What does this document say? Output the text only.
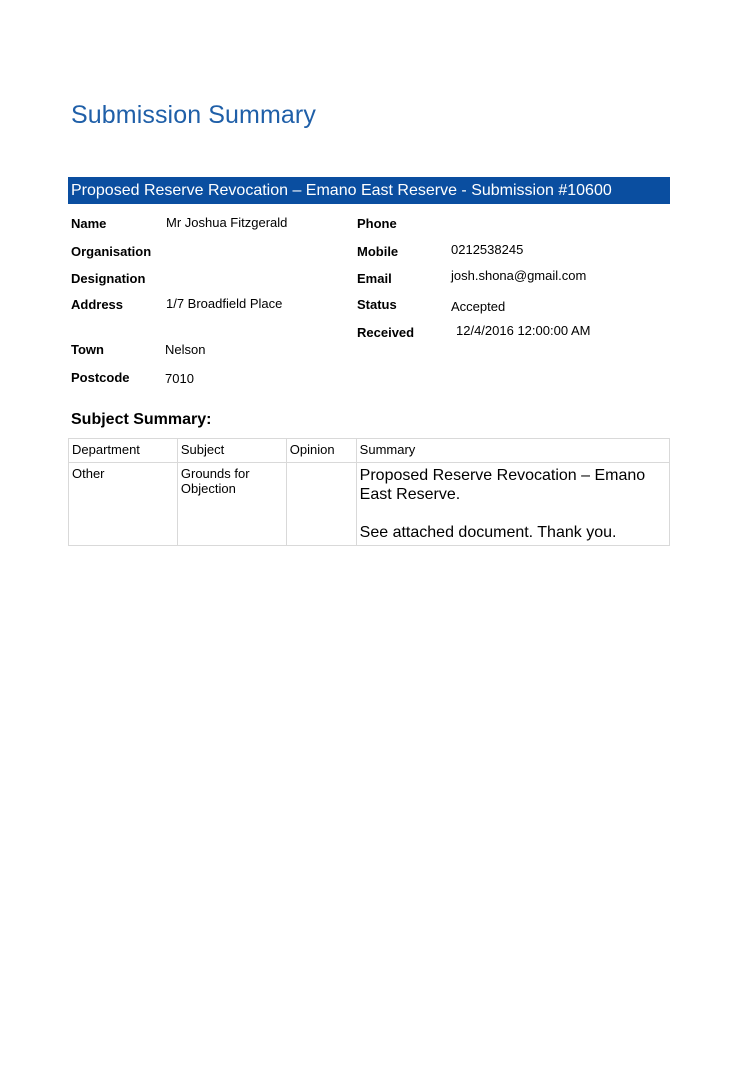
Submission Summary
Proposed Reserve Revocation – Emano East Reserve - Submission #10600
Name	Mr Joshua Fitzgerald
Organisation
Designation
Address	1/7 Broadfield Place
Town	Nelson
Postcode	7010
Phone
Mobile	0212538245
Email	josh.shona@gmail.com
Status	Accepted
Received	12/4/2016 12:00:00 AM
Subject Summary:
Department	Subject	Opinion	Summary
Other	Grounds for Objection		Proposed Reserve Revocation – Emano East Reserve.

See attached document. Thank you.
